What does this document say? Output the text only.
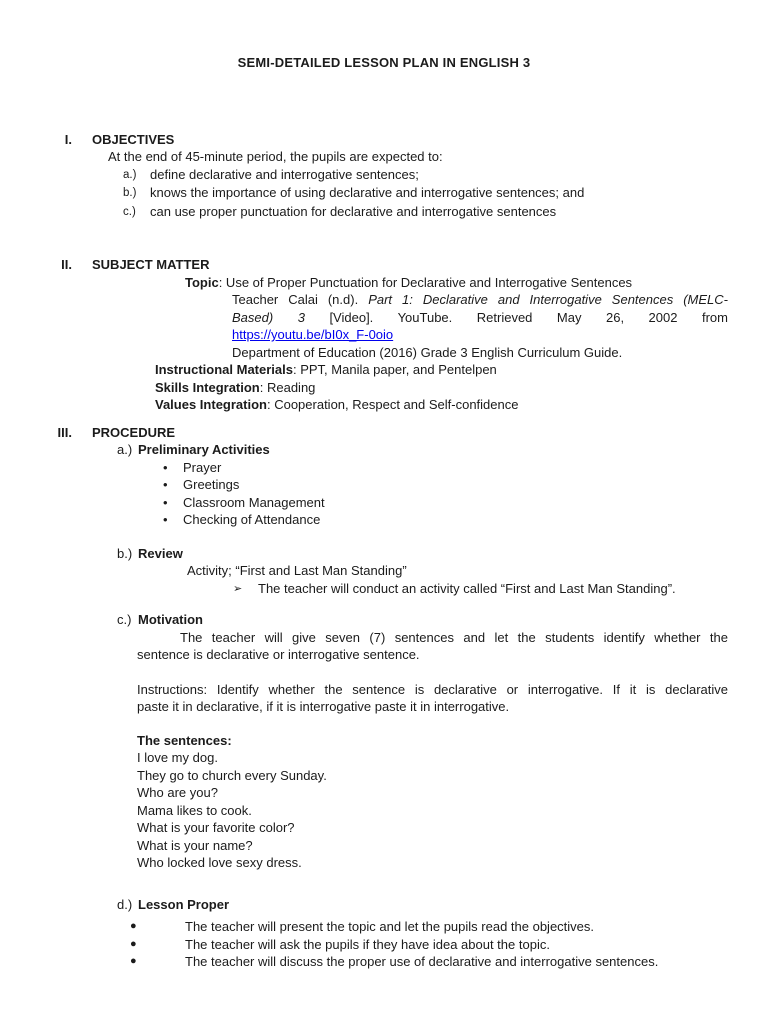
SEMI-DETAILED LESSON PLAN IN ENGLISH 3
I. OBJECTIVES
At the end of 45-minute period, the pupils are expected to:
a.)	define declarative and interrogative sentences;
b.)	knows the importance of using declarative and interrogative sentences; and
c.)	can use proper punctuation for declarative and interrogative sentences
II. SUBJECT MATTER
Topic: Use of Proper Punctuation for Declarative and Interrogative Sentences
Teacher Calai (n.d). Part 1: Declarative and Interrogative Sentences (MELC-
Based) 3 [Video]. YouTube. Retrieved May 26, 2002 from
https://youtu.be/bI0x_F-0oio
Department of Education (2016) Grade 3 English Curriculum Guide.
Instructional Materials: PPT, Manila paper, and Pentelpen
Skills Integration: Reading
Values Integration: Cooperation, Respect and Self-confidence
III. PROCEDURE
a.) Preliminary Activities
•	Prayer
•	Greetings
•	Classroom Management
•	Checking of Attendance
b.) Review
Activity; “First and Last Man Standing”
➢	The teacher will conduct an activity called “First and Last Man Standing”.
c.) Motivation
The teacher will give seven (7) sentences and let the students identify whether the
sentence is declarative or interrogative sentence.
Instructions: Identify whether the sentence is declarative or interrogative. If it is declarative
paste it in declarative, if it is interrogative paste it in interrogative.
The sentences:
I love my dog.
They go to church every Sunday.
Who are you?
Mama likes to cook.
What is your favorite color?
What is your name?
Who locked love sexy dress.
d.) Lesson Proper
●	The teacher will present the topic and let the pupils read the objectives.
●	The teacher will ask the pupils if they have idea about the topic.
●	The teacher will discuss the proper use of declarative and interrogative sentences.
